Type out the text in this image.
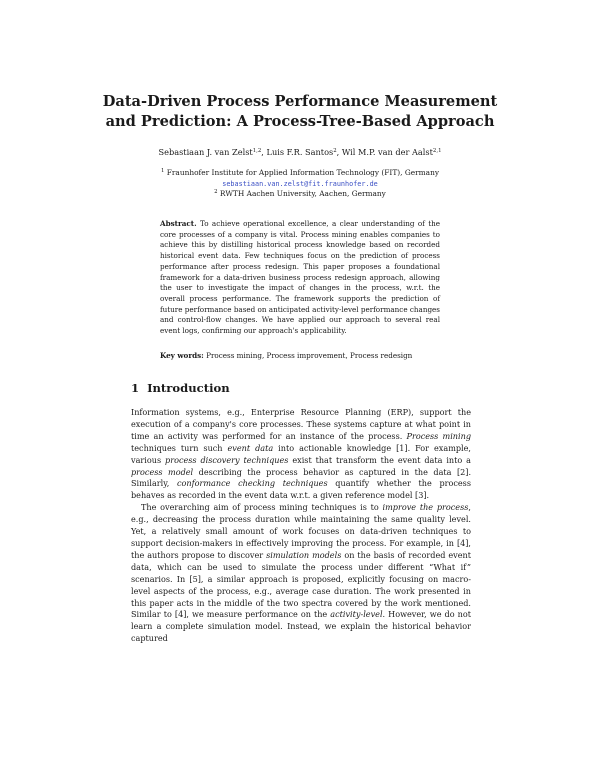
Data-Driven Process Performance Measurement
and Prediction: A Process-Tree-Based Approach
Sebastiaan J. van Zelst$^{1,2}$, Luis F.R. Santos$^2$, Wil M.P. van der Aalst$^{2,1}$
$^1$ Fraunhofer Institute for Applied Information Technology (FIT), Germany
sebastiaan.van.zelst@fit.fraunhofer.de
$^2$ RWTH Aachen University, Aachen, Germany
Abstract. To achieve operational excellence, a clear understanding of the core processes of a company is vital. Process mining enables companies to achieve this by distilling historical process knowledge based on recorded historical event data. Few techniques focus on the prediction of process performance after process redesign. This paper proposes a foundational framework for a data-driven business process redesign approach, allowing the user to investigate the impact of changes in the process, w.r.t. the overall process performance. The framework supports the prediction of future performance based on anticipated activity-level performance changes and control-flow changes. We have applied our approach to several real event logs, confirming our approach's applicability.
Key words: Process mining, Process improvement, Process redesign
1 Introduction

Information systems, e.g., Enterprise Resource Planning (ERP), support the execution of a company's core processes. These systems capture at what point in time an activity was performed for an instance of the process. Process mining techniques turn such event data into actionable knowledge [1]. For example, various process discovery techniques exist that transform the event data into a process model describing the process behavior as captured in the data [2]. Similarly, conformance checking techniques quantify whether the process behaves as recorded in the event data w.r.t. a given reference model [3].

The overarching aim of process mining techniques is to improve the process, e.g., decreasing the process duration while maintaining the same quality level. Yet, a relatively small amount of work focuses on data-driven techniques to support decision-makers in effectively improving the process. For example, in [4], the authors propose to discover simulation models on the basis of recorded event data, which can be used to simulate the process under different “What if” scenarios. In [5], a similar approach is proposed, explicitly focusing on macro-level aspects of the process, e.g., average case duration. The work presented in this paper acts in the middle of the two spectra covered by the work mentioned. Similar to [4], we measure performance on the activity-level. However, we do not learn a complete simulation model. Instead, we explain the historical behavior captured
